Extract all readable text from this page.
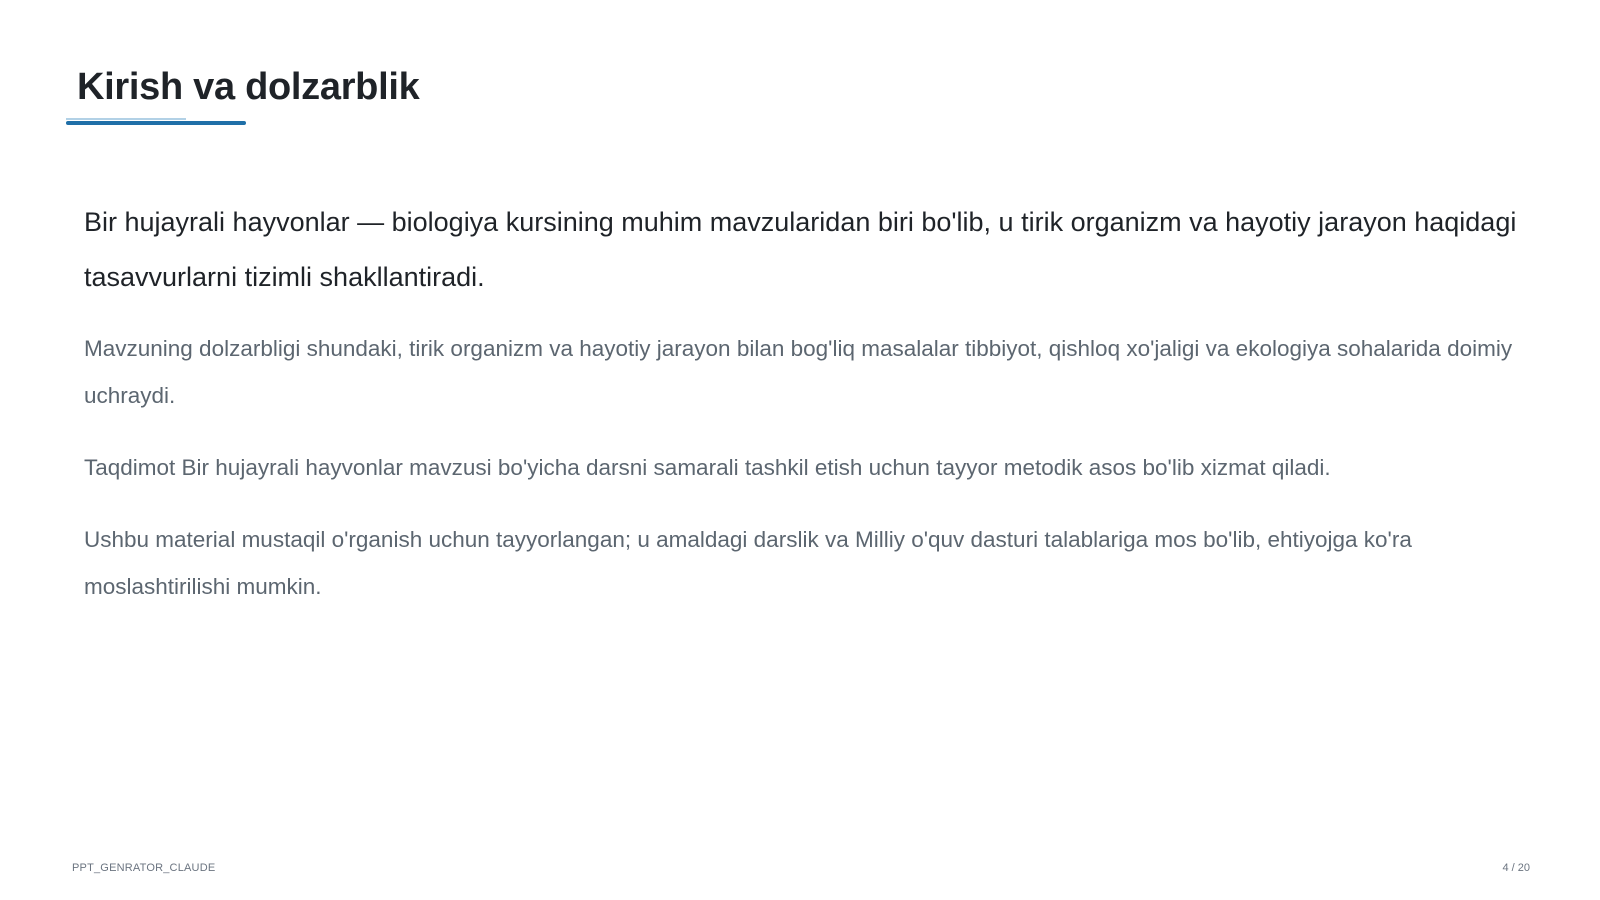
Kirish va dolzarblik

Bir hujayrali hayvonlar — biologiya kursining muhim mavzularidan biri bo'lib, u tirik organizm va hayotiy jarayon haqidagi tasavvurlarni tizimli shakllantiradi.

Mavzuning dolzarbligi shundaki, tirik organizm va hayotiy jarayon bilan bog'liq masalalar tibbiyot, qishloq xo'jaligi va ekologiya sohalarida doimiy uchraydi.

Taqdimot Bir hujayrali hayvonlar mavzusi bo'yicha darsni samarali tashkil etish uchun tayyor metodik asos bo'lib xizmat qiladi.

Ushbu material mustaqil o'rganish uchun tayyorlangan; u amaldagi darslik va Milliy o'quv dasturi talablariga mos bo'lib, ehtiyojga ko'ra moslashtirilishi mumkin.

PPT_GENRATOR_CLAUDE	4 / 20
